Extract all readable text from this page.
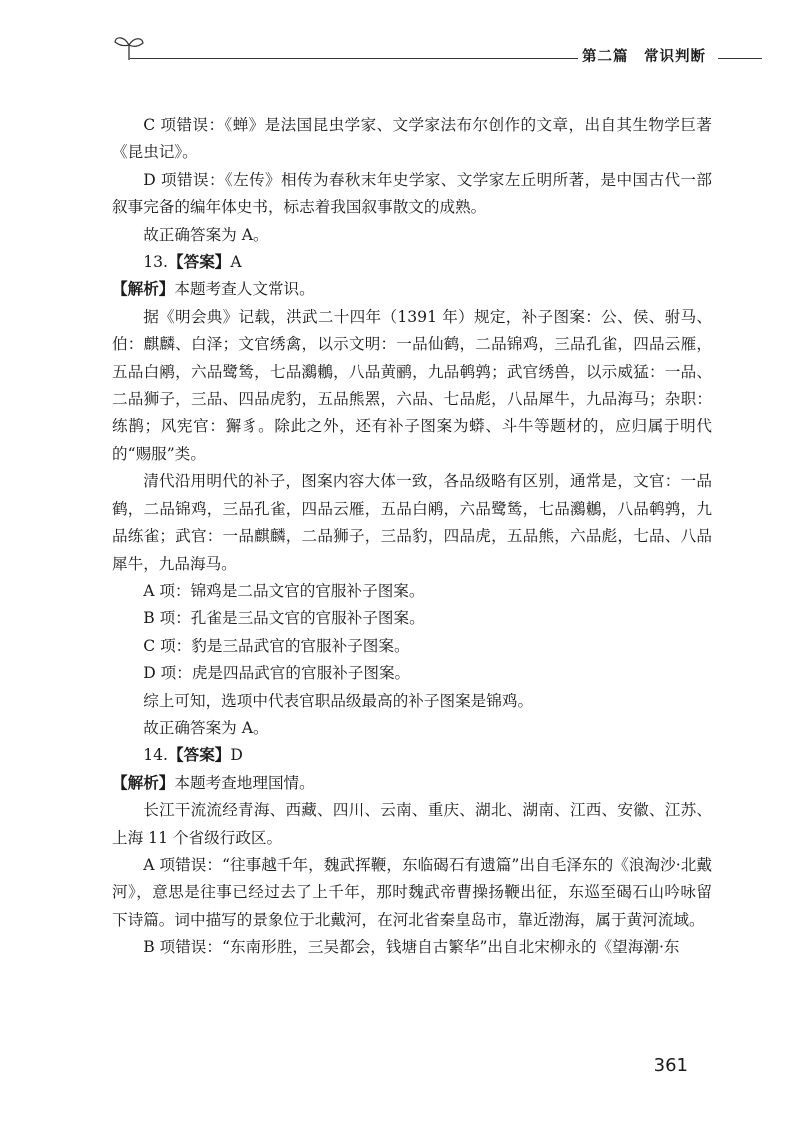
第二篇　常识判断

C 项错误：《蝉》是法国昆虫学家、文学家法布尔创作的文章，出自其生物学巨著《昆虫记》。

D 项错误：《左传》相传为春秋末年史学家、文学家左丘明所著，是中国古代一部叙事完备的编年体史书，标志着我国叙事散文的成熟。

故正确答案为 A。

13.【答案】A

【解析】本题考查人文常识。

据《明会典》记载，洪武二十四年（1391 年）规定，补子图案：公、侯、驸马、伯：麒麟、白泽；文官绣禽，以示文明：一品仙鹤，二品锦鸡，三品孔雀，四品云雁，五品白鹇，六品鹭鸶，七品鸂鶒，八品黄鹂，九品鹌鹑；武官绣兽，以示威猛：一品、二品狮子，三品、四品虎豹，五品熊罴，六品、七品彪，八品犀牛，九品海马；杂职：练鹊；风宪官：獬豸。除此之外，还有补子图案为蟒、斗牛等题材的，应归属于明代的“赐服”类。

清代沿用明代的补子，图案内容大体一致，各品级略有区别，通常是，文官：一品鹤，二品锦鸡，三品孔雀，四品云雁，五品白鹇，六品鹭鸶，七品鸂鶒，八品鹌鹑，九品练雀；武官：一品麒麟，二品狮子，三品豹，四品虎，五品熊，六品彪，七品、八品犀牛，九品海马。

A 项：锦鸡是二品文官的官服补子图案。

B 项：孔雀是三品文官的官服补子图案。

C 项：豹是三品武官的官服补子图案。

D 项：虎是四品武官的官服补子图案。

综上可知，选项中代表官职品级最高的补子图案是锦鸡。

故正确答案为 A。

14.【答案】D

【解析】本题考查地理国情。

长江干流流经青海、西藏、四川、云南、重庆、湖北、湖南、江西、安徽、江苏、上海 11 个省级行政区。

A 项错误：“往事越千年，魏武挥鞭，东临碣石有遗篇”出自毛泽东的《浪淘沙·北戴河》，意思是往事已经过去了上千年，那时魏武帝曹操扬鞭出征，东巡至碣石山吟咏留下诗篇。词中描写的景象位于北戴河，在河北省秦皇岛市，靠近渤海，属于黄河流域。

B 项错误：“东南形胜，三吴都会，钱塘自古繁华”出自北宋柳永的《望海潮·东

361
